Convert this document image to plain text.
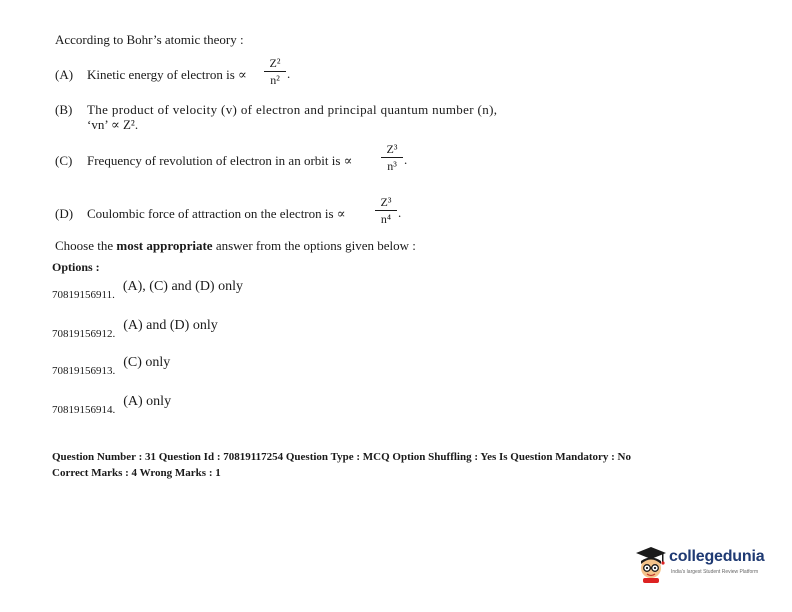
According to Bohr’s atomic theory :
(A) Kinetic energy of electron is ∝
Z²
n² .
(B) The product of velocity (v) of electron and principal quantum number (n),
‘vn’ ∝ Z².
(C) Frequency of revolution of electron in an orbit is ∝
Z³
n³ .
(D) Coulombic force of attraction on the electron is ∝
Z³
n⁴ .
Choose the most appropriate answer from the options given below :
Options :
$_{70819156911.}$ (A), (C) and (D) only
$_{70819156912.}$ (A) and (D) only
$_{70819156913.}$ (C) only
$_{70819156914.}$ (A) only
Question Number : 31 Question Id : 70819117254 Question Type : MCQ Option Shuffling : Yes Is Question Mandatory : No
Correct Marks : 4 Wrong Marks : 1
collegedunia
India's largest Student Review Platform
